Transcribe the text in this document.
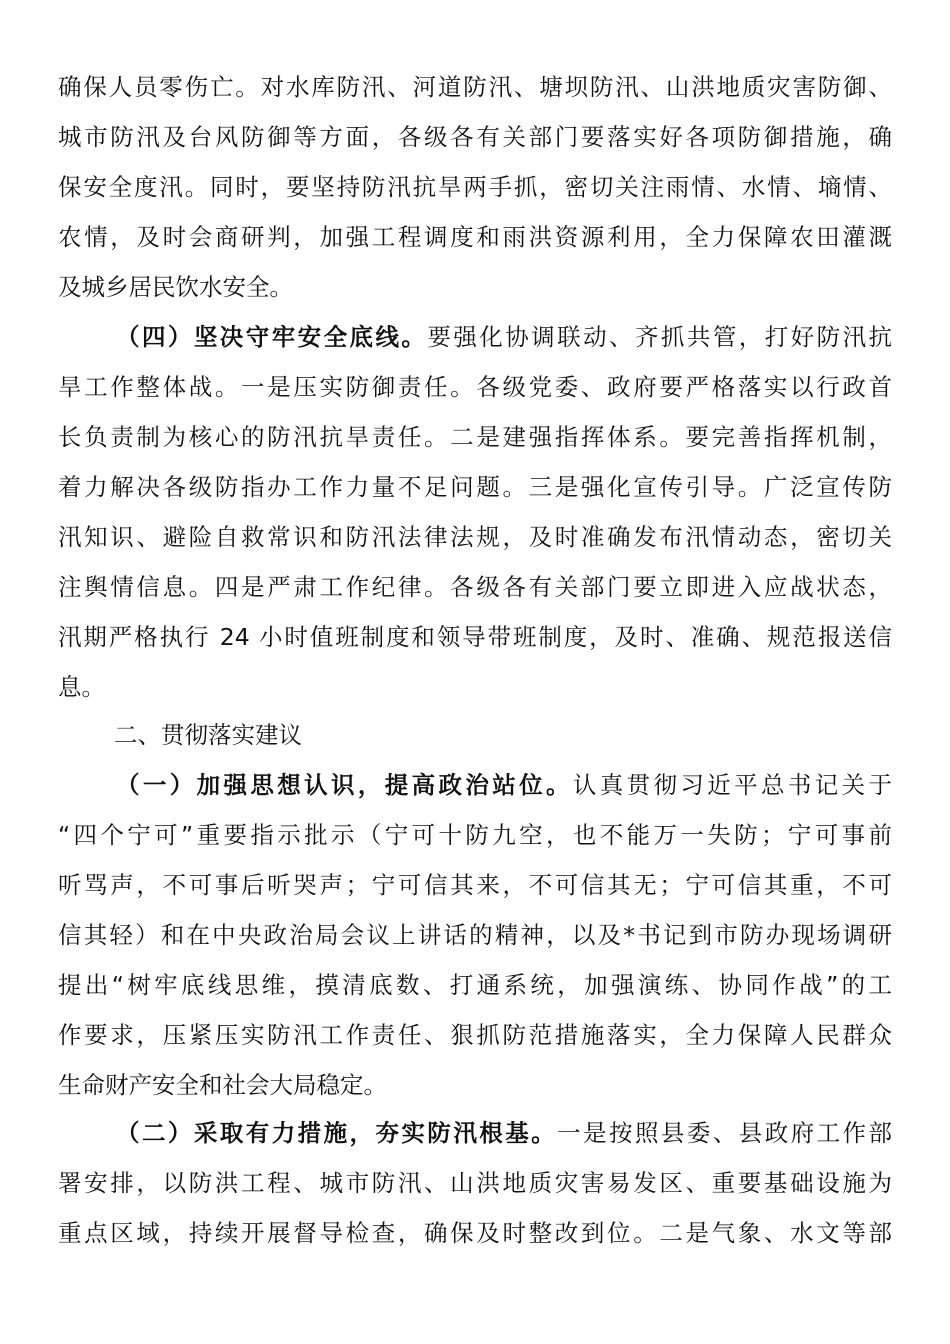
确保人员零伤亡。对水库防汛、河道防汛、塘坝防汛、山洪地质灾害防御、
城市防汛及台风防御等方面，各级各有关部门要落实好各项防御措施，确
保安全度汛。同时，要坚持防汛抗旱两手抓，密切关注雨情、水情、墒情、
农情，及时会商研判，加强工程调度和雨洪资源利用，全力保障农田灌溉
及城乡居民饮水安全。
（四）坚决守牢安全底线。要强化协调联动、齐抓共管，打好防汛抗
旱工作整体战。一是压实防御责任。各级党委、政府要严格落实以行政首
长负责制为核心的防汛抗旱责任。二是建强指挥体系。要完善指挥机制，
着力解决各级防指办工作力量不足问题。三是强化宣传引导。广泛宣传防
汛知识、避险自救常识和防汛法律法规，及时准确发布汛情动态，密切关
注舆情信息。四是严肃工作纪律。各级各有关部门要立即进入应战状态，
汛期严格执行 24 小时值班制度和领导带班制度，及时、准确、规范报送信
息。
二、贯彻落实建议
（一）加强思想认识，提高政治站位。认真贯彻习近平总书记关于
“四个宁可”重要指示批示（宁可十防九空，也不能万一失防；宁可事前
听骂声，不可事后听哭声；宁可信其来，不可信其无；宁可信其重，不可
信其轻）和在中央政治局会议上讲话的精神，以及*书记到市防办现场调研
提出“树牢底线思维，摸清底数、打通系统，加强演练、协同作战”的工
作要求，压紧压实防汛工作责任、狠抓防范措施落实，全力保障人民群众
生命财产安全和社会大局稳定。
（二）采取有力措施，夯实防汛根基。一是按照县委、县政府工作部
署安排，以防洪工程、城市防汛、山洪地质灾害易发区、重要基础设施为
重点区域，持续开展督导检查，确保及时整改到位。二是气象、水文等部
